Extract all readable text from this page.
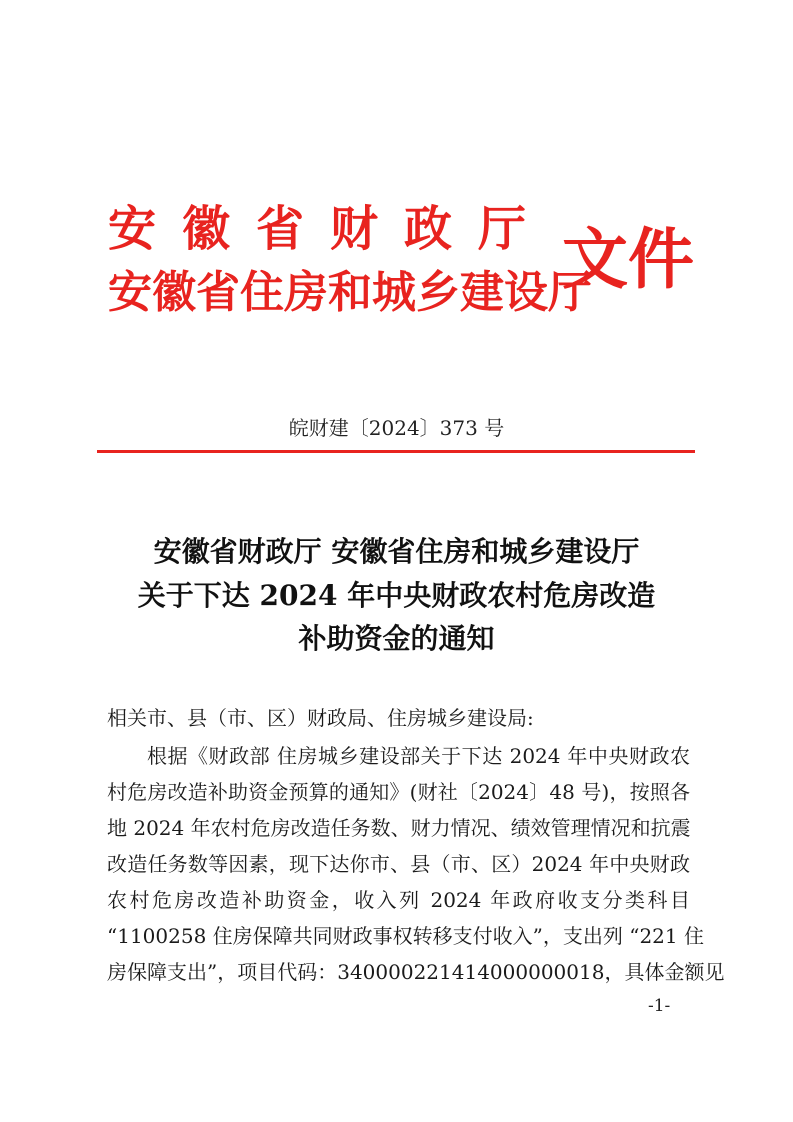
安徽省财政厅
安徽省住房和城乡建设厅
文件
皖财建〔2024〕373 号
安徽省财政厅 安徽省住房和城乡建设厅
关于下达 2024 年中央财政农村危房改造
补助资金的通知
相关市、县（市、区）财政局、住房城乡建设局:
根据《财政部 住房城乡建设部关于下达 2024 年中央财政农
村危房改造补助资金预算的通知》(财社〔2024〕48 号)，按照各
地 2024 年农村危房改造任务数、财力情况、绩效管理情况和抗震
改造任务数等因素，现下达你市、县（市、区）2024 年中央财政
农村危房改造补助资金，收入列 2024 年政府收支分类科目
“1100258 住房保障共同财政事权转移支付收入”，支出列 “221 住
房保障支出”，项目代码：340000221414000000018，具体金额见
-1-
